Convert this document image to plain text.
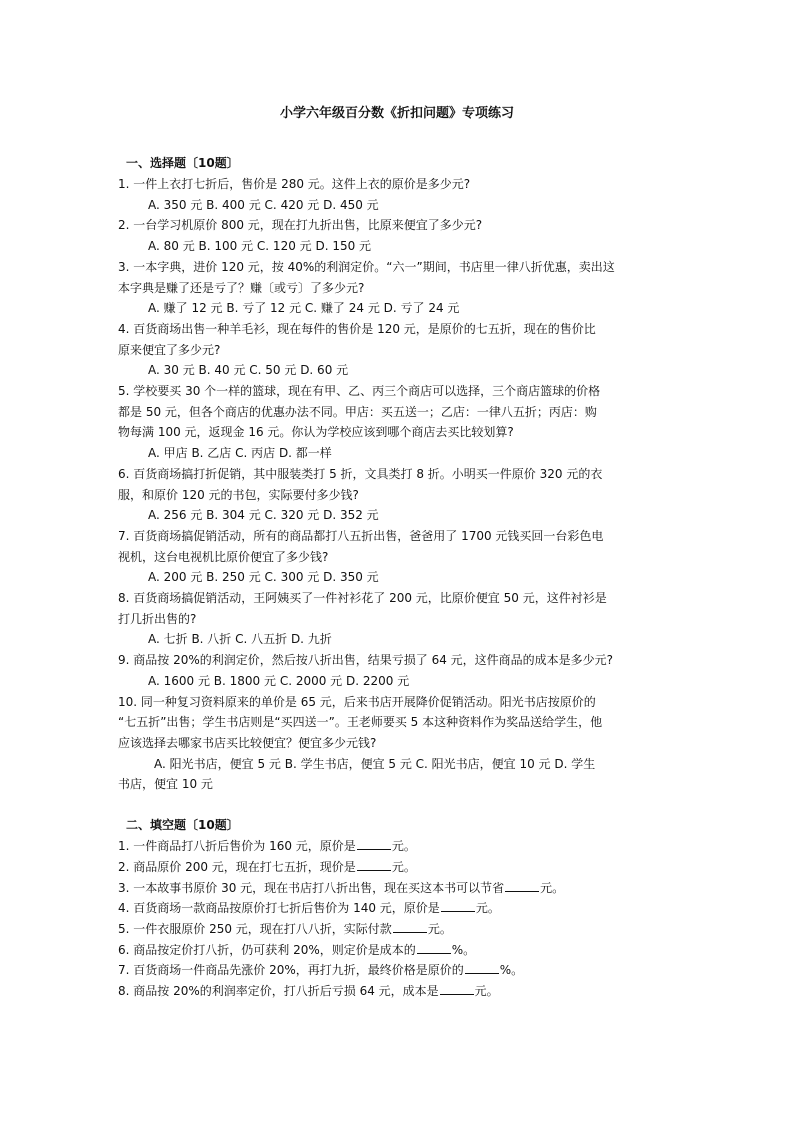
小学六年级百分数《折扣问题》专项练习
一、选择题〔10题〕
1. 一件上衣打七折后，售价是 280 元。这件上衣的原价是多少元?
A. 350 元 B. 400 元 C. 420 元 D. 450 元
2. 一台学习机原价 800 元，现在打九折出售，比原来便宜了多少元?
A. 80 元 B. 100 元 C. 120 元 D. 150 元
3. 一本字典，进价 120 元，按 40%的利润定价。“六一”期间，书店里一律八折优惠，卖出这
本字典是赚了还是亏了？赚〔或亏〕了多少元?
A. 赚了 12 元 B. 亏了 12 元 C. 赚了 24 元 D. 亏了 24 元
4. 百货商场出售一种羊毛衫，现在每件的售价是 120 元，是原价的七五折，现在的售价比
原来便宜了多少元?
A. 30 元 B. 40 元 C. 50 元 D. 60 元
5. 学校要买 30 个一样的篮球，现在有甲、乙、丙三个商店可以选择，三个商店篮球的价格
都是 50 元，但各个商店的优惠办法不同。甲店：买五送一；乙店：一律八五折；丙店：购
物每满 100 元，返现金 16 元。你认为学校应该到哪个商店去买比较划算?
A. 甲店 B. 乙店 C. 丙店 D. 都一样
6. 百货商场搞打折促销，其中服装类打 5 折，文具类打 8 折。小明买一件原价 320 元的衣
服，和原价 120 元的书包，实际要付多少钱?
A. 256 元 B. 304 元 C. 320 元 D. 352 元
7. 百货商场搞促销活动，所有的商品都打八五折出售，爸爸用了 1700 元钱买回一台彩色电
视机，这台电视机比原价便宜了多少钱?
A. 200 元 B. 250 元 C. 300 元 D. 350 元
8. 百货商场搞促销活动，王阿姨买了一件衬衫花了 200 元，比原价便宜 50 元，这件衬衫是
打几折出售的?
A. 七折 B. 八折 C. 八五折 D. 九折
9. 商品按 20%的利润定价，然后按八折出售，结果亏损了 64 元，这件商品的成本是多少元?
A. 1600 元 B. 1800 元 C. 2000 元 D. 2200 元
10. 同一种复习资料原来的单价是 65 元，后来书店开展降价促销活动。阳光书店按原价的
“七五折”出售；学生书店则是“买四送一”。王老师要买 5 本这种资料作为奖品送给学生，他
应该选择去哪家书店买比较便宜？便宜多少元钱?
A. 阳光书店，便宜 5 元 B. 学生书店，便宜 5 元 C. 阳光书店，便宜 10 元 D. 学生
书店，便宜 10 元
二、填空题〔10题〕
1. 一件商品打八折后售价为 160 元，原价是	元。
2. 商品原价 200 元，现在打七五折，现价是	元。
3. 一本故事书原价 30 元，现在书店打八折出售，现在买这本书可以节省	元。
4. 百货商场一款商品按原价打七折后售价为 140 元，原价是	元。
5. 一件衣服原价 250 元，现在打八八折，实际付款	元。
6. 商品按定价打八折，仍可获利 20%，则定价是成本的	%。
7. 百货商场一件商品先涨价 20%，再打九折，最终价格是原价的	%。
8. 商品按 20%的利润率定价，打八折后亏损 64 元，成本是	元。
